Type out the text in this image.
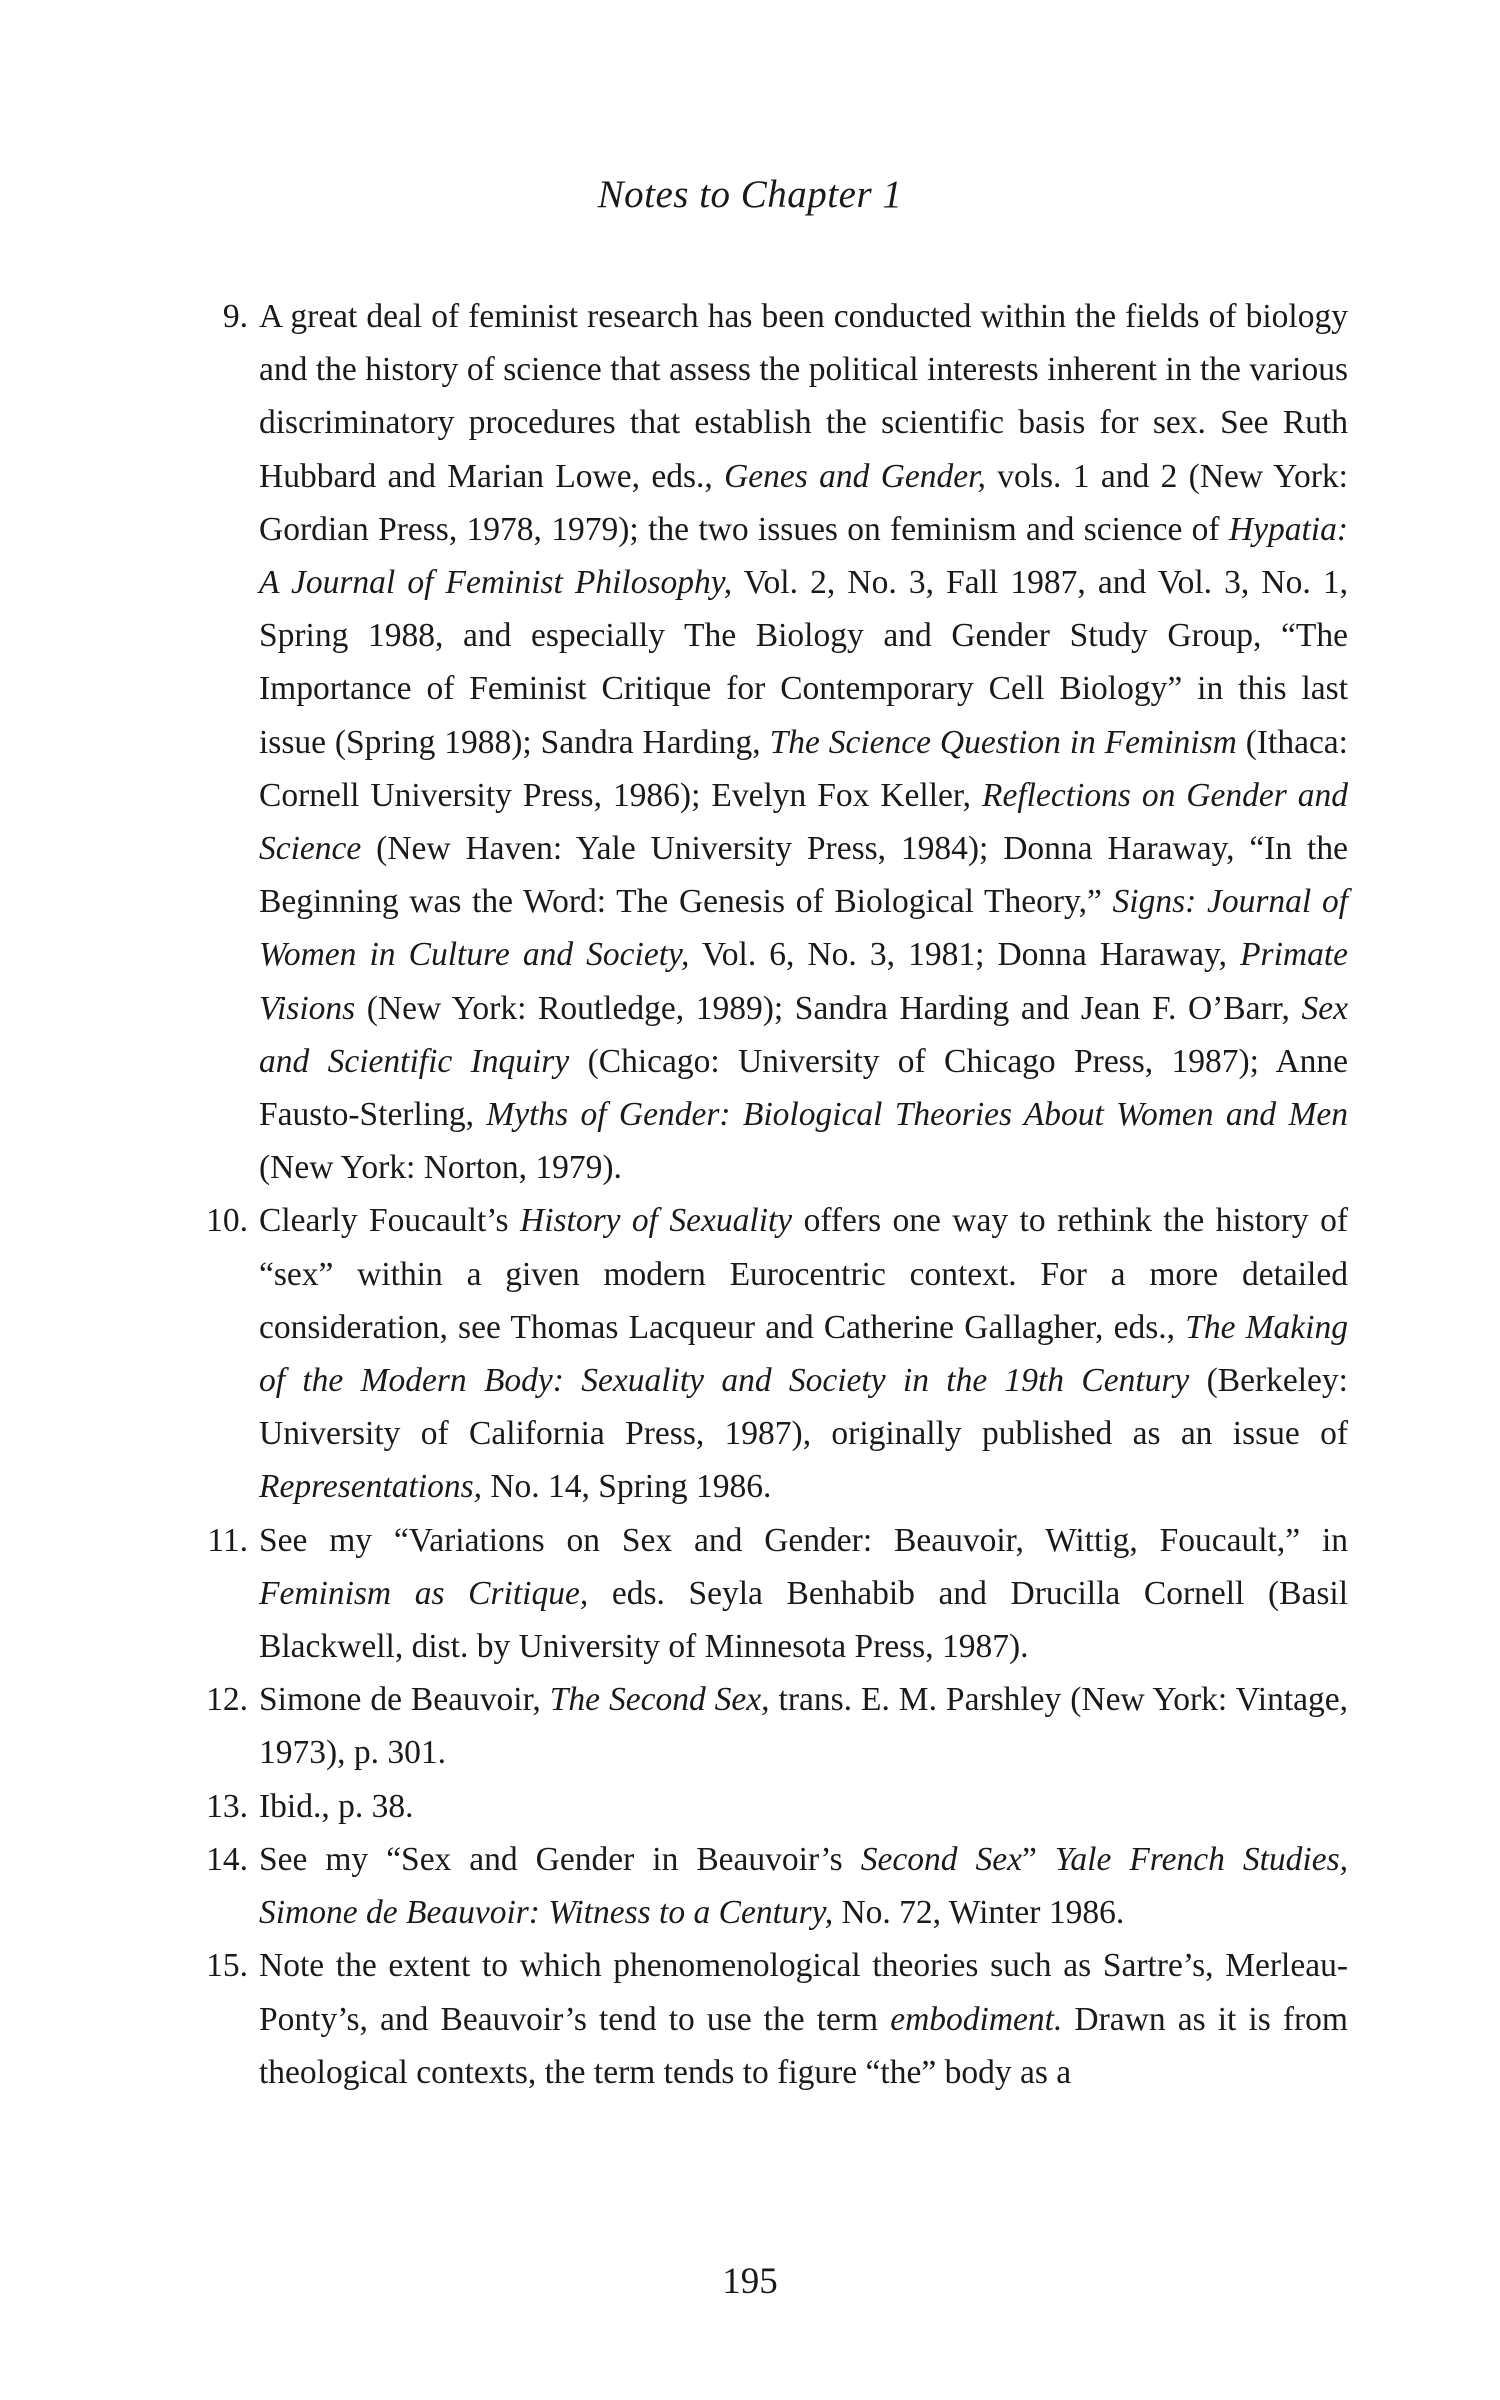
Notes to Chapter 1
9. A great deal of feminist research has been conducted within the fields of biology and the history of science that assess the political interests inherent in the various discriminatory procedures that establish the scientific basis for sex. See Ruth Hubbard and Marian Lowe, eds., Genes and Gender, vols. 1 and 2 (New York: Gordian Press, 1978, 1979); the two issues on feminism and science of Hypatia: A Journal of Feminist Philosophy, Vol. 2, No. 3, Fall 1987, and Vol. 3, No. 1, Spring 1988, and especially The Biology and Gender Study Group, “The Importance of Feminist Critique for Contemporary Cell Biology” in this last issue (Spring 1988); Sandra Harding, The Science Question in Feminism (Ithaca: Cornell University Press, 1986); Evelyn Fox Keller, Reflections on Gender and Science (New Haven: Yale University Press, 1984); Donna Haraway, “In the Beginning was the Word: The Genesis of Biological Theory,” Signs: Journal of Women in Culture and Society, Vol. 6, No. 3, 1981; Donna Haraway, Primate Visions (New York: Routledge, 1989); Sandra Harding and Jean F. O’Barr, Sex and Scientific Inquiry (Chicago: University of Chicago Press, 1987); Anne Fausto-Sterling, Myths of Gender: Biological Theories About Women and Men (New York: Norton, 1979).
10. Clearly Foucault’s History of Sexuality offers one way to rethink the history of “sex” within a given modern Eurocentric context. For a more detailed consideration, see Thomas Lacqueur and Catherine Gallagher, eds., The Making of the Modern Body: Sexuality and Society in the 19th Century (Berkeley: University of California Press, 1987), originally published as an issue of Representations, No. 14, Spring 1986.
11. See my “Variations on Sex and Gender: Beauvoir, Wittig, Foucault,” in Feminism as Critique, eds. Seyla Benhabib and Drucilla Cornell (Basil Blackwell, dist. by University of Minnesota Press, 1987).
12. Simone de Beauvoir, The Second Sex, trans. E. M. Parshley (New York: Vintage, 1973), p. 301.
13. Ibid., p. 38.
14. See my “Sex and Gender in Beauvoir’s Second Sex” Yale French Studies, Simone de Beauvoir: Witness to a Century, No. 72, Winter 1986.
15. Note the extent to which phenomenological theories such as Sartre’s, Merleau-Ponty’s, and Beauvoir’s tend to use the term embodiment. Drawn as it is from theological contexts, the term tends to figure “the” body as a
195
